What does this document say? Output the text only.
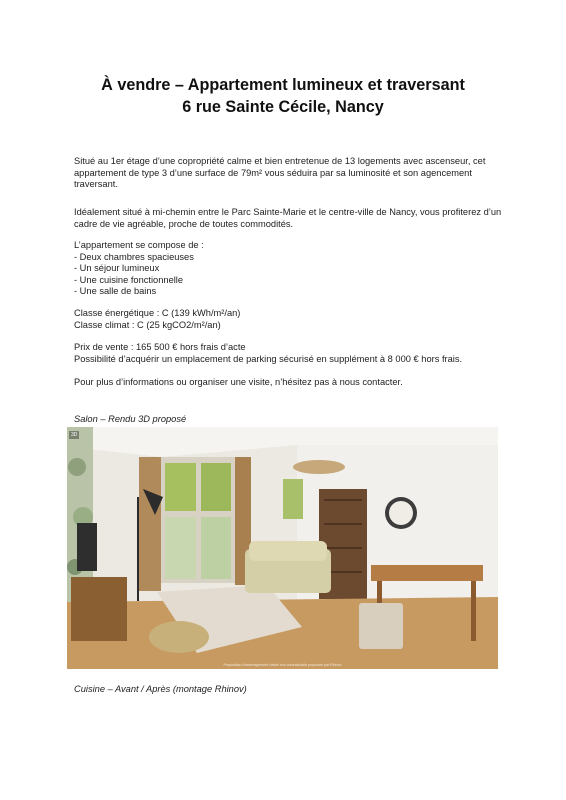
À vendre – Appartement lumineux et traversant
6 rue Sainte Cécile, Nancy

Situé au 1er étage d’une copropriété calme et bien entretenue de 13 logements avec ascenseur, cet appartement de type 3 d’une surface de 79m² vous séduira par sa luminosité et son agencement traversant.

Idéalement situé à mi-chemin entre le Parc Sainte-Marie et le centre-ville de Nancy, vous profiterez d’un cadre de vie agréable, proche de toutes commodités.

L’appartement se compose de :

- Deux chambres spacieuses

- Un séjour lumineux

- Une cuisine fonctionnelle

- Une salle de bains

Classe énergétique : C (139 kWh/m²/an)

Classe climat : C (25 kgCO2/m²/an)

Prix de vente : 165 500 € hors frais d’acte

Possibilité d’acquérir un emplacement de parking sécurisé en supplément à 8 000 € hors frais.

Pour plus d’informations ou organiser une visite, n’hésitez pas à nous contacter.

Salon – Rendu 3D proposé
3D
Proposition d'aménagement virtuel non contractuelle proposée par Rhinov
Cuisine – Avant / Après (montage Rhinov)
